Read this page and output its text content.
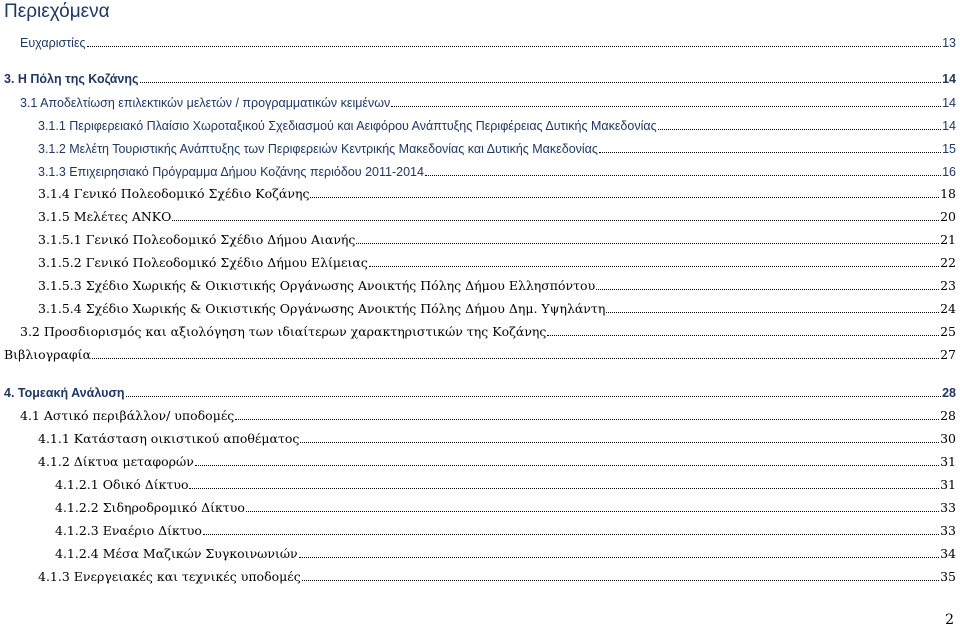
Περιεχόμενα
Ευχαριστίες	13
3. Η Πόλη της Κοζάνης	14
3.1 Αποδελτίωση επιλεκτικών μελετών / προγραμματικών κειμένων	14
3.1.1 Περιφερειακό Πλαίσιο Χωροταξικού Σχεδιασμού και Αειφόρου Ανάπτυξης Περιφέρειας Δυτικής Μακεδονίας	14
3.1.2 Μελέτη Τουριστικής Ανάπτυξης των Περιφερειών Κεντρικής Μακεδονίας και Δυτικής Μακεδονίας	15
3.1.3 Επιχειρησιακό Πρόγραμμα Δήμου Κοζάνης περιόδου 2011-2014	16
3.1.4 Γενικό Πολεοδομικό Σχέδιο Κοζάνης	18
3.1.5 Μελέτες ΑΝΚΟ	20
3.1.5.1 Γενικό Πολεοδομικό Σχέδιο Δήμου Αιανής	21
3.1.5.2 Γενικό Πολεοδομικό Σχέδιο Δήμου Ελίμειας	22
3.1.5.3 Σχέδιο Χωρικής & Οικιστικής Οργάνωσης Ανοικτής Πόλης Δήμου Ελλησπόντου	23
3.1.5.4 Σχέδιο Χωρικής & Οικιστικής Οργάνωσης Ανοικτής Πόλης Δήμου Δημ. Υψηλάντη	24
3.2 Προσδιορισμός και αξιολόγηση των ιδιαίτερων χαρακτηριστικών της Κοζάνης	25
Βιβλιογραφία	27
4. Τομεακή Ανάλυση	28
4.1 Αστικό περιβάλλον/ υποδομές	28
4.1.1 Κατάσταση οικιστικού αποθέματος	30
4.1.2 Δίκτυα μεταφορών	31
4.1.2.1 Οδικό Δίκτυο	31
4.1.2.2 Σιδηροδρομικό Δίκτυο	33
4.1.2.3 Εναέριο Δίκτυο	33
4.1.2.4 Μέσα Μαζικών Συγκοινωνιών	34
4.1.3 Ενεργειακές και τεχνικές υποδομές	35
2
